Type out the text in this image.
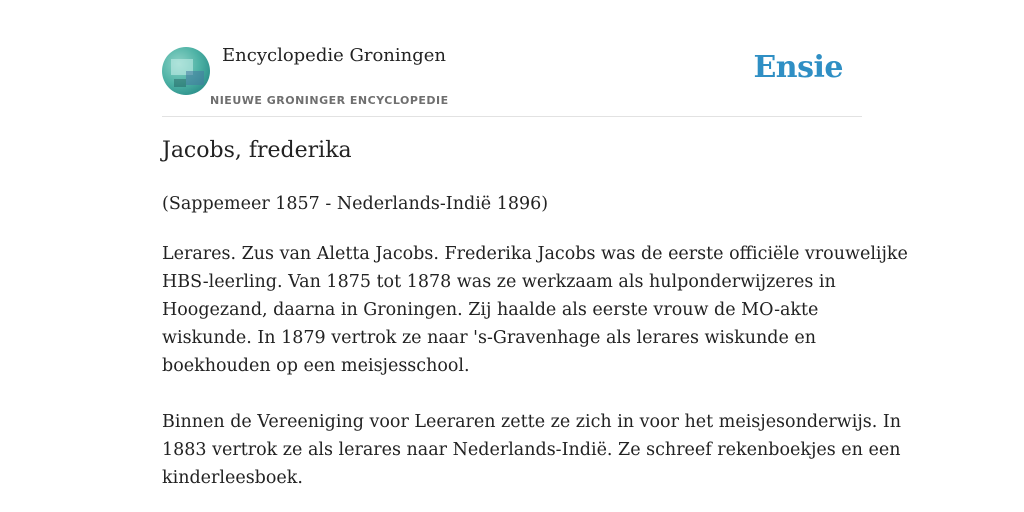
Encyclopedie Groningen
NIEUWE GRONINGER ENCYCLOPEDIE
Ensie
Jacobs, frederika

(Sappemeer 1857 - Nederlands-Indië 1896)

Lerares. Zus van Aletta Jacobs. Frederika Jacobs was de eerste officiële vrouwelijke
HBS-leerling. Van 1875 tot 1878 was ze werkzaam als hulponderwijzeres in
Hoogezand, daarna in Groningen. Zij haalde als eerste vrouw de MO-akte
wiskunde. In 1879 vertrok ze naar 's-Gravenhage als lerares wiskunde en
boekhouden op een meisjesschool.
Binnen de Vereeniging voor Leeraren zette ze zich in voor het meisjesonderwijs. In
1883 vertrok ze als lerares naar Nederlands-Indië. Ze schreef rekenboekjes en een
kinderleesboek.
